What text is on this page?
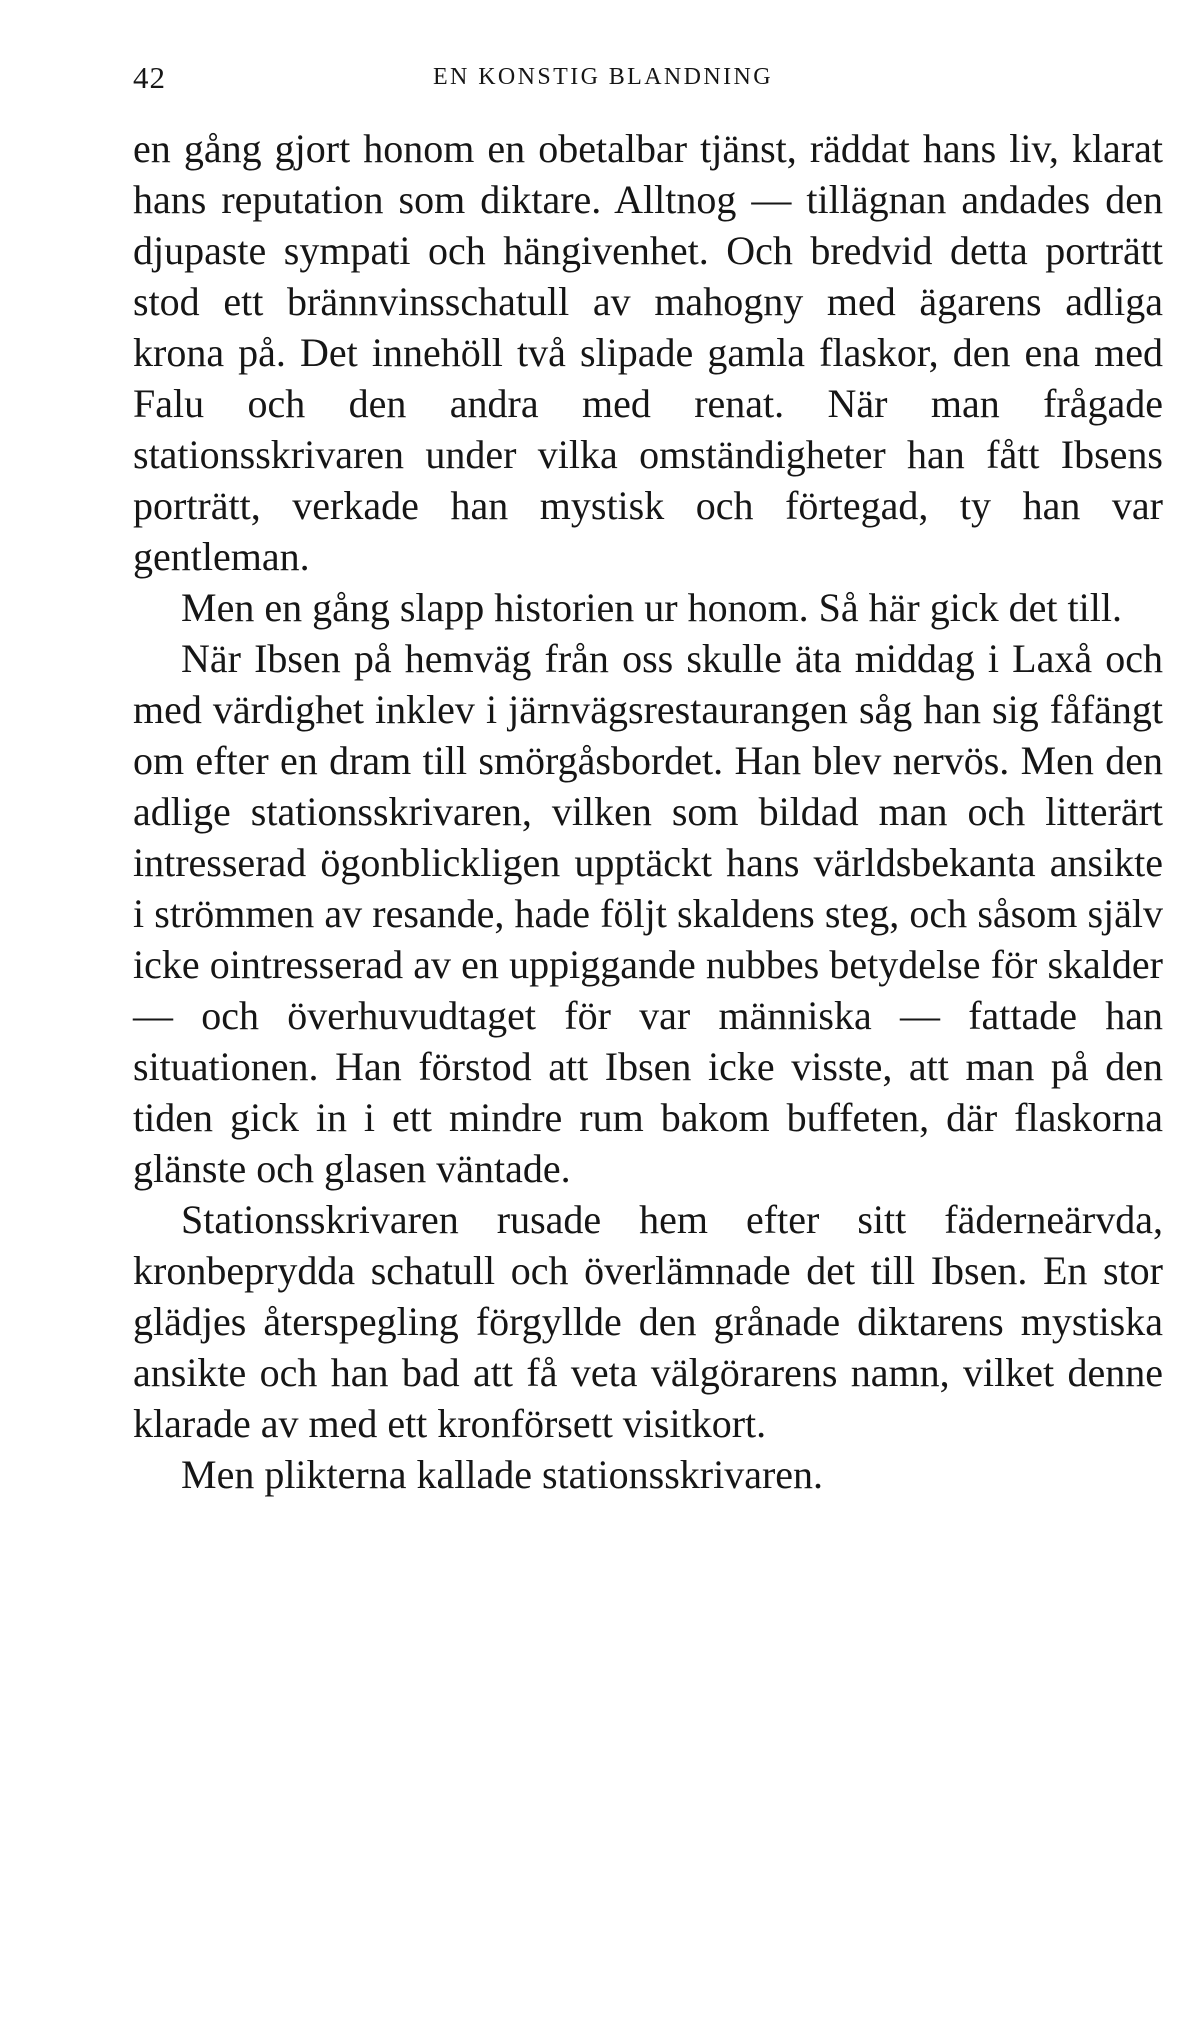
42	EN KONSTIG BLANDNING

en gång gjort honom en obetalbar tjänst, räddat hans liv, klarat hans reputation som diktare. Alltnog — tillägnan andades den djupaste sympati och hängivenhet. Och bredvid detta porträtt stod ett brännvinsschatull av mahogny med ägarens adliga krona på. Det innehöll två slipade gamla flaskor, den ena med Falu och den andra med renat. När man frågade stationsskrivaren under vilka omständigheter han fått Ibsens porträtt, verkade han mystisk och förtegad, ty han var gentleman.

Men en gång slapp historien ur honom. Så här gick det till.

När Ibsen på hemväg från oss skulle äta middag i Laxå och med värdighet inklev i järnvägsrestaurangen såg han sig fåfängt om efter en dram till smörgåsbordet. Han blev nervös. Men den adlige stationsskrivaren, vilken som bildad man och litterärt intresserad ögonblickligen upptäckt hans världsbekanta ansikte i strömmen av resande, hade följt skaldens steg, och såsom själv icke ointresserad av en uppiggande nubbes betydelse för skalder — och överhuvudtaget för var människa — fattade han situationen. Han förstod att Ibsen icke visste, att man på den tiden gick in i ett mindre rum bakom buffeten, där flaskorna glänste och glasen väntade.

Stationsskrivaren rusade hem efter sitt fäderneärvda, kronbeprydda schatull och överlämnade det till Ibsen. En stor glädjes återspegling förgyllde den grånade diktarens mystiska ansikte och han bad att få veta välgörarens namn, vilket denne klarade av med ett kronförsett visitkort.

Men plikterna kallade stationsskrivaren.
